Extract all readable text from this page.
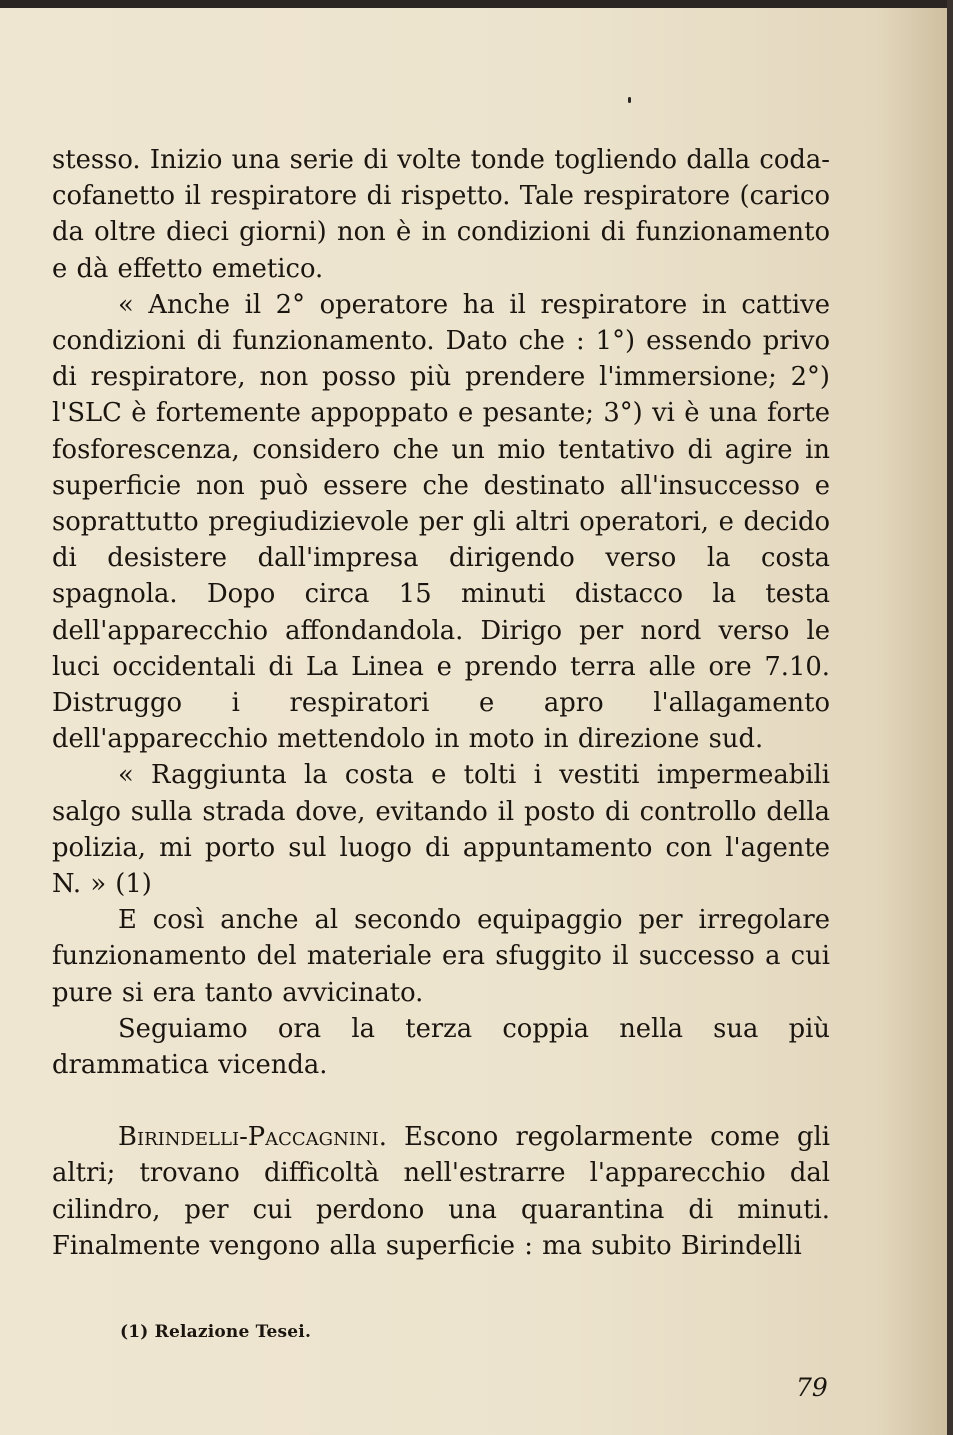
stesso. Inizio una serie di volte tonde togliendo dalla coda-cofanetto il respiratore di rispetto. Tale respiratore (carico da oltre dieci giorni) non è in condizioni di funzionamento e dà effetto emetico.

« Anche il 2° operatore ha il respiratore in cattive condizioni di funzionamento. Dato che : 1°) essendo privo di respiratore, non posso più prendere l'immersione; 2°) l'SLC è fortemente appoppato e pesante; 3°) vi è una forte fosforescenza, considero che un mio tentativo di agire in superficie non può essere che destinato all'insuccesso e soprattutto pregiudizievole per gli altri operatori, e decido di desistere dall'impresa dirigendo verso la costa spagnola. Dopo circa 15 minuti distacco la testa dell'apparecchio affondandola. Dirigo per nord verso le luci occidentali di La Linea e prendo terra alle ore 7.10. Distruggo i respiratori e apro l'allagamento dell'apparecchio mettendolo in moto in direzione sud.

« Raggiunta la costa e tolti i vestiti impermeabili salgo sulla strada dove, evitando il posto di controllo della polizia, mi porto sul luogo di appuntamento con l'agente N. » (1)

E così anche al secondo equipaggio per irregolare funzionamento del materiale era sfuggito il successo a cui pure si era tanto avvicinato.

Seguiamo ora la terza coppia nella sua più drammatica vicenda.

Birindelli-Paccagnini. Escono regolarmente come gli altri; trovano difficoltà nell'estrarre l'apparecchio dal cilindro, per cui perdono una quarantina di minuti. Finalmente vengono alla superficie : ma subito Birindelli

(1) Relazione Tesei.
79
